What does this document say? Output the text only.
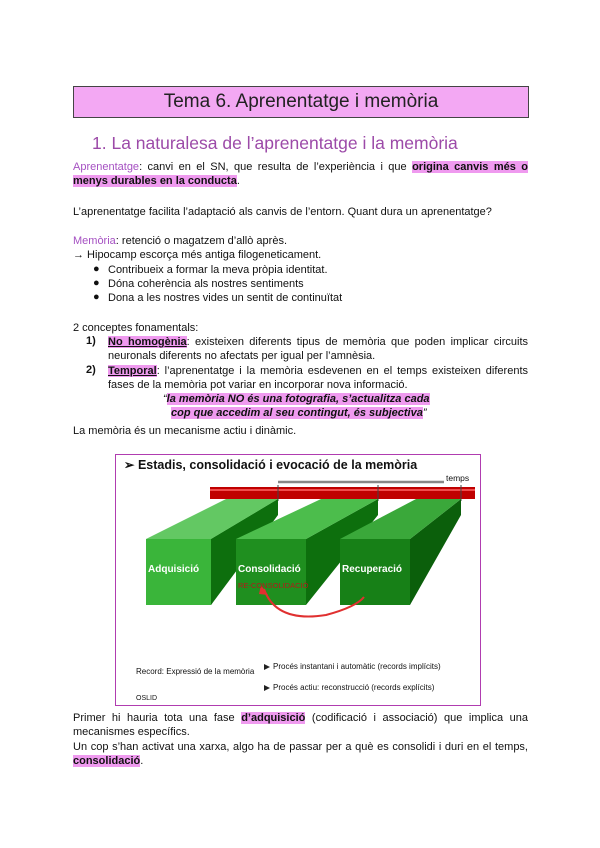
Tema 6. Aprenentatge i memòria
1. La naturalesa de l’aprenentatge i la memòria
Aprenentatge: canvi en el SN, que resulta de l’experiència i que origina canvis més o
menys durables en la conducta.
L’aprenentatge facilita l’adaptació als canvis de l’entorn. Quant dura un aprenentatge?
Memòria: retenció o magatzem d’allò après.
→ Hipocamp escorça més antiga filogeneticament.
● Contribueix a formar la meva pròpia identitat.
● Dóna coherència als nostres sentiments
● Dona a les nostres vides un sentit de continuïtat
2 conceptes fonamentals:
1) No homogènia: existeixen diferents tipus de memòria que poden implicar circuits
neuronals diferents no afectats per igual per l’amnèsia.
2) Temporal: l’aprenentatge i la memòria esdevenen en el temps existeixen diferents
fases de la memòria pot variar en incorporar nova informació.
“la memòria NO és una fotografia, s’actualitza cada
cop que accedim al seu contingut, és subjectiva”
La memòria és un mecanisme actiu i dinàmic.
➢ Estadis, consolidació i evocació de la memòria
temps
Adquisició	Consolidació	Recuperació
RE-CONSOLIDACIÓ
Record: Expressió de la memòria
Procés instantani i automàtic (records implícits)
Procés actiu: reconstrucció (records explícits)
OSLID
Primer hi hauria tota una fase d’adquisició (codificació i associació) que implica una
mecanismes específics.
Un cop s’han activat una xarxa, algo ha de passar per a què es consolidi i duri en el temps,
consolidació.
